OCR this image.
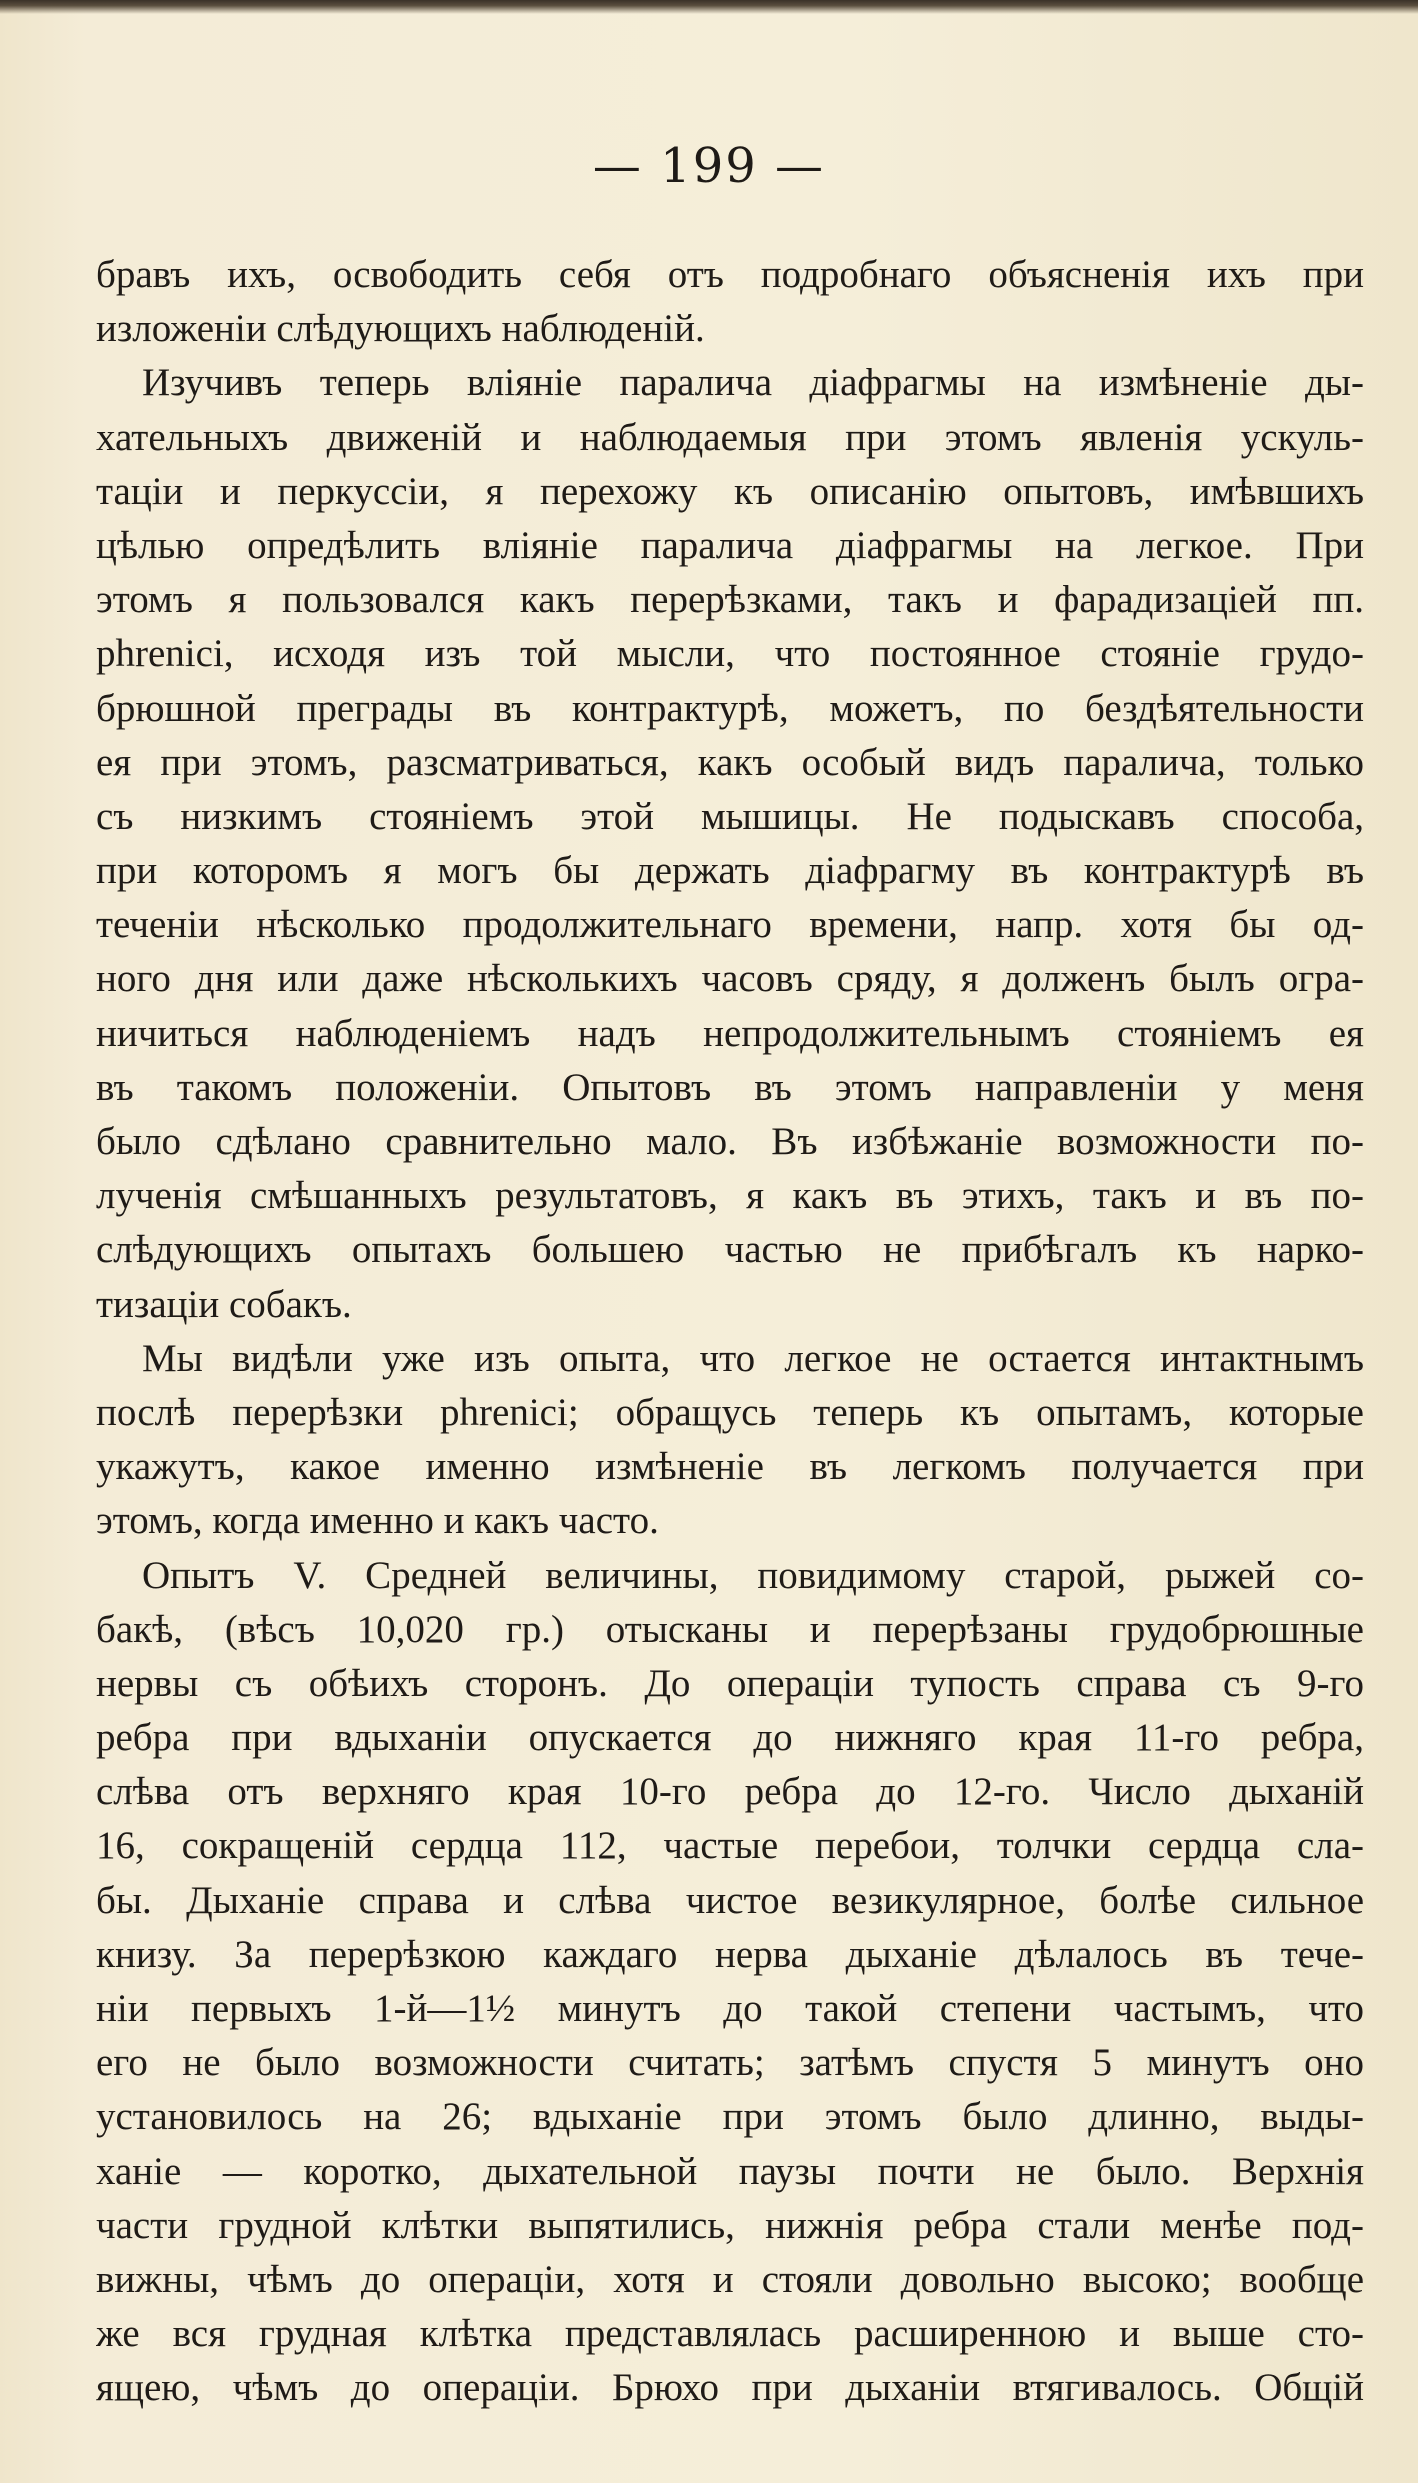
— 199 —
бравъ ихъ, освободить себя отъ подробнаго объясненія ихъ при
изложеніи слѣдующихъ наблюденій.
Изучивъ теперь вліяніе паралича діафрагмы на измѣненіе ды-
хательныхъ движеній и наблюдаемыя при этомъ явленія ускуль-
таціи и перкуссіи, я перехожу къ описанію опытовъ, имѣвшихъ
цѣлью опредѣлить вліяніе паралича діафрагмы на легкое. При
этомъ я пользовался какъ перерѣзками, такъ и фарадизаціей пп.
phrenici, исходя изъ той мысли, что постоянное стояніе грудо-
брюшной преграды въ контрактурѣ, можетъ, по бездѣятельности
ея при этомъ, разсматриваться, какъ особый видъ паралича, только
съ низкимъ стояніемъ этой мышицы. Не подыскавъ способа,
при которомъ я могъ бы держать діафрагму въ контрактурѣ въ
теченіи нѣсколько продолжительнаго времени, напр. хотя бы од-
ного дня или даже нѣсколькихъ часовъ сряду, я долженъ былъ огра-
ничиться наблюденіемъ надъ непродолжительнымъ стояніемъ ея
въ такомъ положеніи. Опытовъ въ этомъ направленіи у меня
было сдѣлано сравнительно мало. Въ избѣжаніе возможности по-
лученія смѣшанныхъ результатовъ, я какъ въ этихъ, такъ и въ по-
слѣдующихъ опытахъ большею частью не прибѣгалъ къ нарко-
тизаціи собакъ.
Мы видѣли уже изъ опыта, что легкое не остается интактнымъ
послѣ перерѣзки phrenici; обращусь теперь къ опытамъ, которые
укажутъ, какое именно измѣненіе въ легкомъ получается при
этомъ, когда именно и какъ часто.
Опытъ V. Средней величины, повидимому старой, рыжей со-
бакѣ, (вѣсъ 10,020 гр.) отысканы и перерѣзаны грудобрюшные
нервы съ обѣихъ сторонъ. До операціи тупость справа съ 9-го
ребра при вдыханіи опускается до нижняго края 11-го ребра,
слѣва отъ верхняго края 10-го ребра до 12-го. Число дыханій
16, сокращеній сердца 112, частые перебои, толчки сердца сла-
бы. Дыханіе справа и слѣва чистое везикулярное, болѣе сильное
книзу. За перерѣзкою каждаго нерва дыханіе дѣлалось въ тече-
ніи первыхъ 1-й—1½ минутъ до такой степени частымъ, что
его не было возможности считать; затѣмъ спустя 5 минутъ оно
установилось на 26; вдыханіе при этомъ было длинно, выды-
ханіе — коротко, дыхательной паузы почти не было. Верхнія
части грудной клѣтки выпятились, нижнія ребра стали менѣе под-
вижны, чѣмъ до операціи, хотя и стояли довольно высоко; вообще
же вся грудная клѣтка представлялась расширенною и выше сто-
ящею, чѣмъ до операціи. Брюхо при дыханіи втягивалось. Общій
